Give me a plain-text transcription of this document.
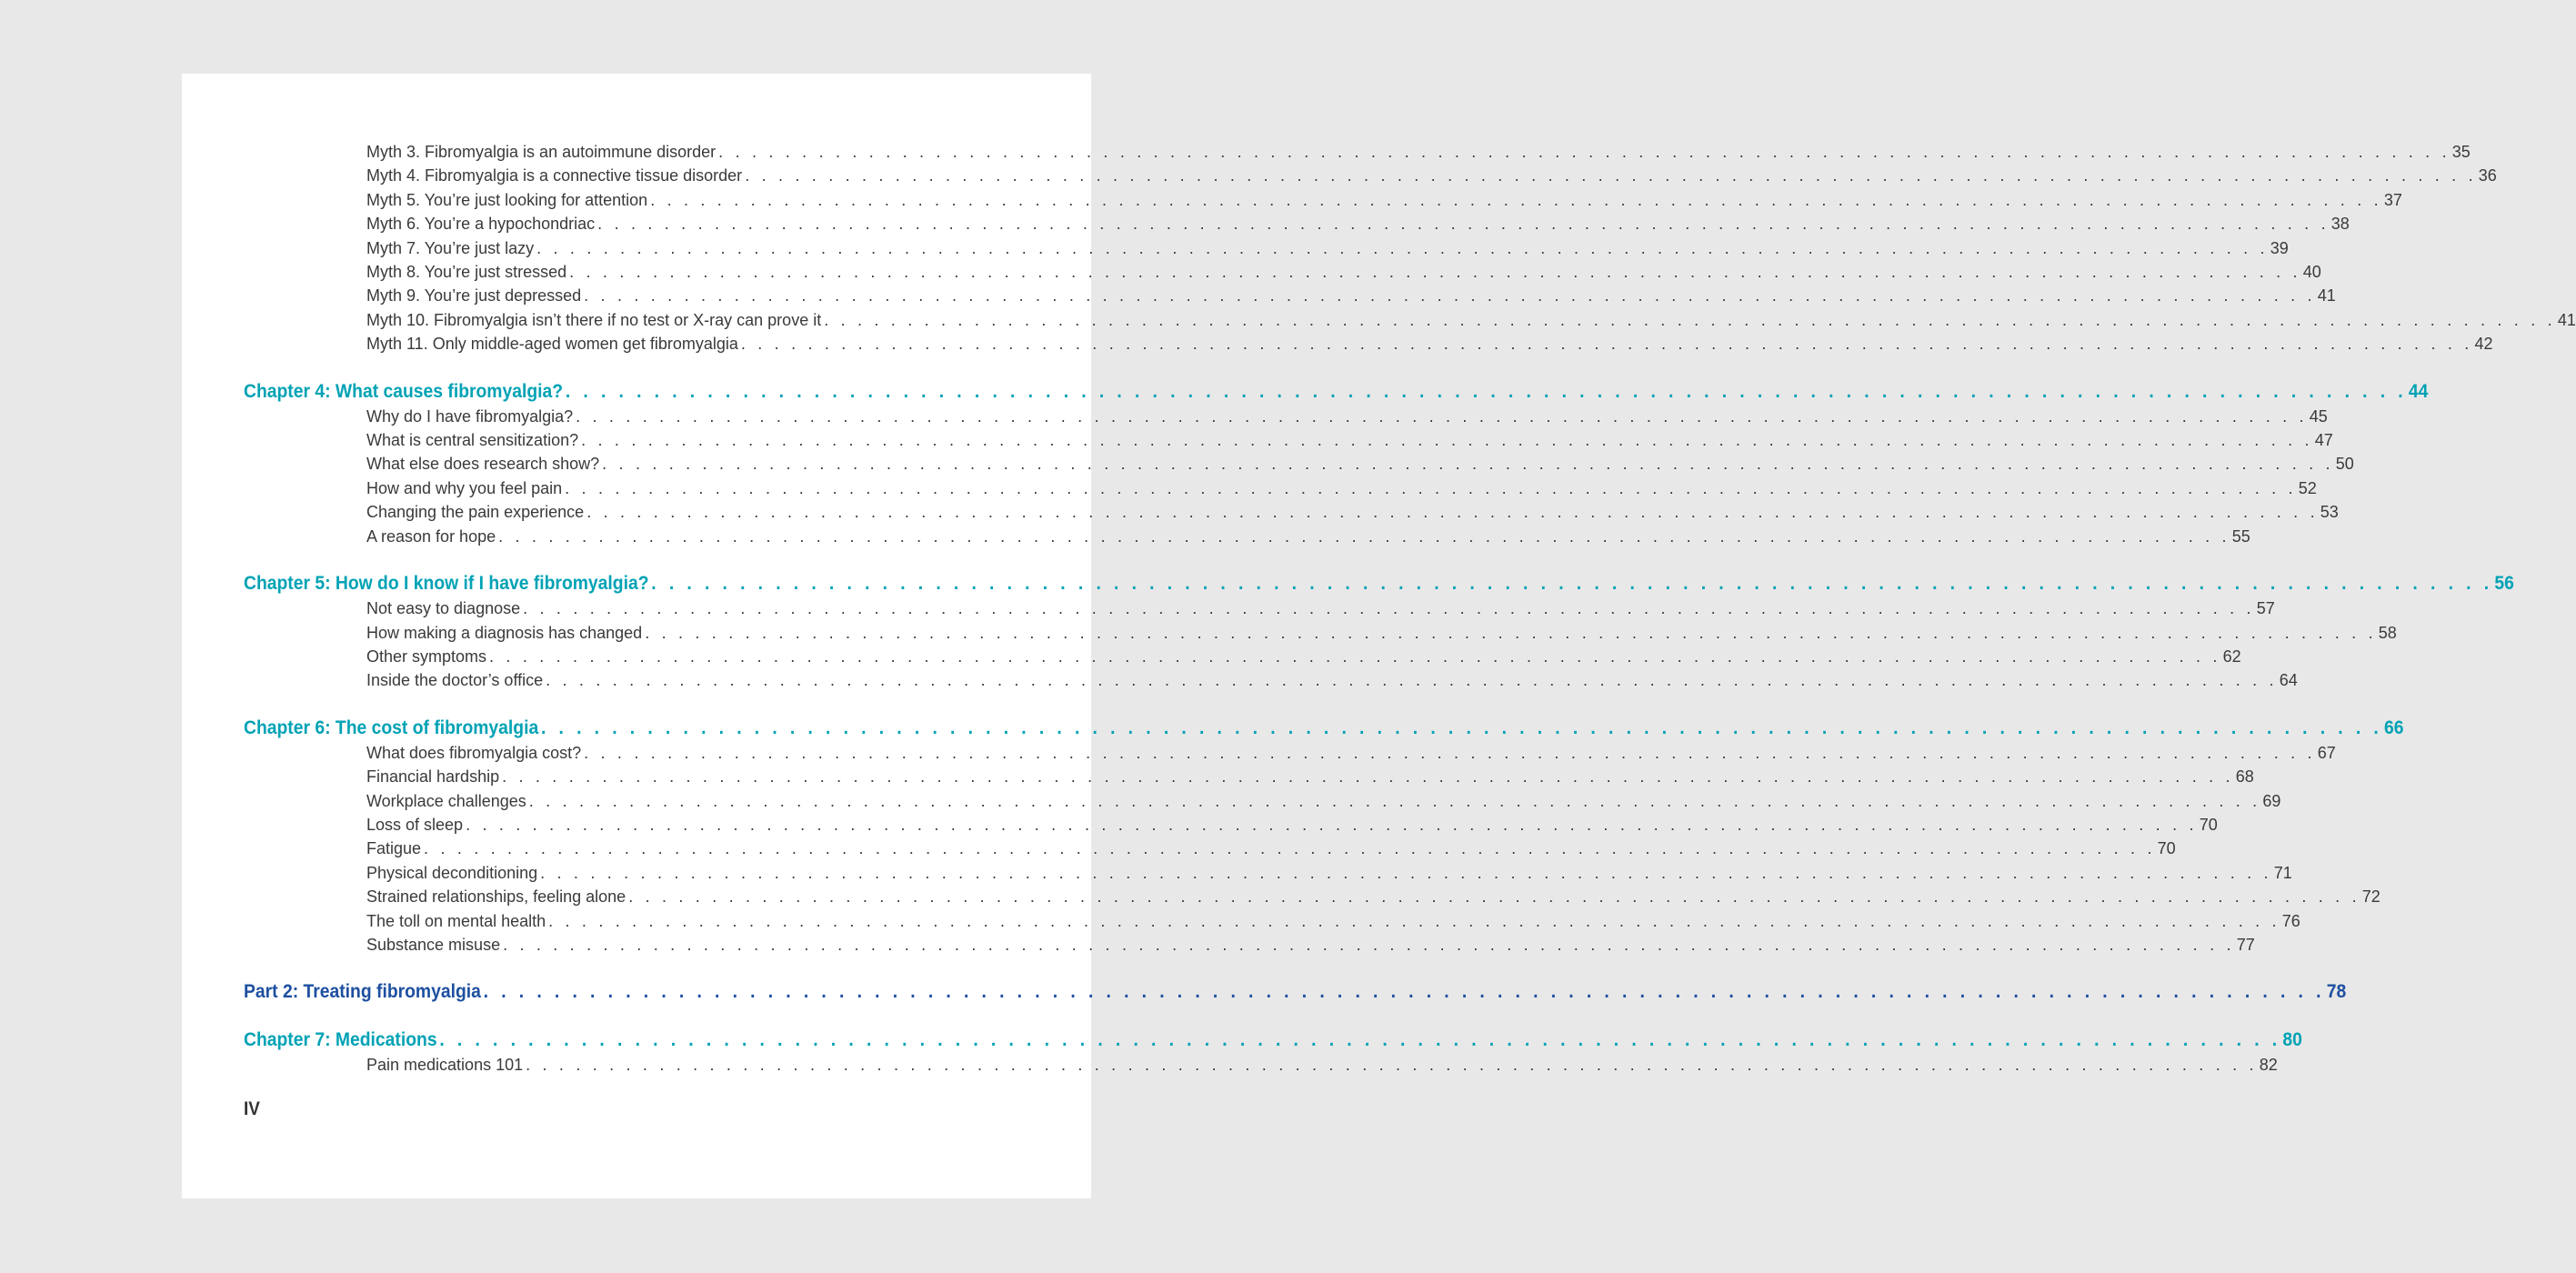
Myth 3. Fibromyalgia is an autoimmune disorder . . . . . . . . . . . . . . . . . . . . . . . . . . . . . . . . . . . . . . . . . . . . . . . . . . . . . . . . . . . . . . . . . . . . . . . . . . . . . . . . . . . . . . . . . . . . . . . . . . . . . . . . 35
Myth 4. Fibromyalgia is a connective tissue disorder . . . . . . . . . . . . . . . . . . . . . . . . . . . . . . . . . . . . . . . . . . . . . . . . . . . . . . . . . . . . . . . . . . . . . . . . . . . . . . . . . . . . . . . . . . . . . . . . . . . . . . . . 36
Myth 5. You’re just looking for attention . . . . . . . . . . . . . . . . . . . . . . . . . . . . . . . . . . . . . . . . . . . . . . . . . . . . . . . . . . . . . . . . . . . . . . . . . . . . . . . . . . . . . . . . . . . . . . . . . . . . . . . . 37
Myth 6. You’re a hypochondriac . . . . . . . . . . . . . . . . . . . . . . . . . . . . . . . . . . . . . . . . . . . . . . . . . . . . . . . . . . . . . . . . . . . . . . . . . . . . . . . . . . . . . . . . . . . . . . . . . . . . . . . . 38
Myth 7. You’re just lazy . . . . . . . . . . . . . . . . . . . . . . . . . . . . . . . . . . . . . . . . . . . . . . . . . . . . . . . . . . . . . . . . . . . . . . . . . . . . . . . . . . . . . . . . . . . . . . . . . . . . . . . . 39
Myth 8. You’re just stressed . . . . . . . . . . . . . . . . . . . . . . . . . . . . . . . . . . . . . . . . . . . . . . . . . . . . . . . . . . . . . . . . . . . . . . . . . . . . . . . . . . . . . . . . . . . . . . . . . . . . . . . . 40
Myth 9. You’re just depressed . . . . . . . . . . . . . . . . . . . . . . . . . . . . . . . . . . . . . . . . . . . . . . . . . . . . . . . . . . . . . . . . . . . . . . . . . . . . . . . . . . . . . . . . . . . . . . . . . . . . . . . . 41
Myth 10. Fibromyalgia isn’t there if no test or X-ray can prove it . . . . . . . . . . . . . . . . . . . . . . . . . . . . . . . . . . . . . . . . . . . . . . . . . . . . . . . . . . . . . . . . . . . . . . . . . . . . . . . . . . . . . . . . . . . . . . . . . . . . . . . . 41
Myth 11. Only middle-aged women get fibromyalgia . . . . . . . . . . . . . . . . . . . . . . . . . . . . . . . . . . . . . . . . . . . . . . . . . . . . . . . . . . . . . . . . . . . . . . . . . . . . . . . . . . . . . . . . . . . . . . . . . . . . . . . . 42
Chapter 4: What causes fibromyalgia? . . . . . . . . . . . . . . . . . . . . . . . . . . . . . . . . . . . . . . . . . . . . . . . . . . . . . . . . . . . . . . . . . . . . . . . . . . . . . . . . . . . . . . . . . . . . . . . . . . . . . . . . 44
Why do I have fibromyalgia? . . . . . . . . . . . . . . . . . . . . . . . . . . . . . . . . . . . . . . . . . . . . . . . . . . . . . . . . . . . . . . . . . . . . . . . . . . . . . . . . . . . . . . . . . . . . . . . . . . . . . . . . 45
What is central sensitization? . . . . . . . . . . . . . . . . . . . . . . . . . . . . . . . . . . . . . . . . . . . . . . . . . . . . . . . . . . . . . . . . . . . . . . . . . . . . . . . . . . . . . . . . . . . . . . . . . . . . . . . . 47
What else does research show? . . . . . . . . . . . . . . . . . . . . . . . . . . . . . . . . . . . . . . . . . . . . . . . . . . . . . . . . . . . . . . . . . . . . . . . . . . . . . . . . . . . . . . . . . . . . . . . . . . . . . . . . 50
How and why you feel pain . . . . . . . . . . . . . . . . . . . . . . . . . . . . . . . . . . . . . . . . . . . . . . . . . . . . . . . . . . . . . . . . . . . . . . . . . . . . . . . . . . . . . . . . . . . . . . . . . . . . . . . . 52
Changing the pain experience . . . . . . . . . . . . . . . . . . . . . . . . . . . . . . . . . . . . . . . . . . . . . . . . . . . . . . . . . . . . . . . . . . . . . . . . . . . . . . . . . . . . . . . . . . . . . . . . . . . . . . . . 53
A reason for hope . . . . . . . . . . . . . . . . . . . . . . . . . . . . . . . . . . . . . . . . . . . . . . . . . . . . . . . . . . . . . . . . . . . . . . . . . . . . . . . . . . . . . . . . . . . . . . . . . . . . . . . . 55
Chapter 5: How do I know if I have fibromyalgia? . . . . . . . . . . . . . . . . . . . . . . . . . . . . . . . . . . . . . . . . . . . . . . . . . . . . . . . . . . . . . . . . . . . . . . . . . . . . . . . . . . . . . . . . . . . . . . . . . . . . . . . . 56
Not easy to diagnose . . . . . . . . . . . . . . . . . . . . . . . . . . . . . . . . . . . . . . . . . . . . . . . . . . . . . . . . . . . . . . . . . . . . . . . . . . . . . . . . . . . . . . . . . . . . . . . . . . . . . . . . 57
How making a diagnosis has changed . . . . . . . . . . . . . . . . . . . . . . . . . . . . . . . . . . . . . . . . . . . . . . . . . . . . . . . . . . . . . . . . . . . . . . . . . . . . . . . . . . . . . . . . . . . . . . . . . . . . . . . . 58
Other symptoms . . . . . . . . . . . . . . . . . . . . . . . . . . . . . . . . . . . . . . . . . . . . . . . . . . . . . . . . . . . . . . . . . . . . . . . . . . . . . . . . . . . . . . . . . . . . . . . . . . . . . . . . 62
Inside the doctor’s office . . . . . . . . . . . . . . . . . . . . . . . . . . . . . . . . . . . . . . . . . . . . . . . . . . . . . . . . . . . . . . . . . . . . . . . . . . . . . . . . . . . . . . . . . . . . . . . . . . . . . . . . 64
Chapter 6: The cost of fibromyalgia . . . . . . . . . . . . . . . . . . . . . . . . . . . . . . . . . . . . . . . . . . . . . . . . . . . . . . . . . . . . . . . . . . . . . . . . . . . . . . . . . . . . . . . . . . . . . . . . . . . . . . . . 66
What does fibromyalgia cost? . . . . . . . . . . . . . . . . . . . . . . . . . . . . . . . . . . . . . . . . . . . . . . . . . . . . . . . . . . . . . . . . . . . . . . . . . . . . . . . . . . . . . . . . . . . . . . . . . . . . . . . . 67
Financial hardship . . . . . . . . . . . . . . . . . . . . . . . . . . . . . . . . . . . . . . . . . . . . . . . . . . . . . . . . . . . . . . . . . . . . . . . . . . . . . . . . . . . . . . . . . . . . . . . . . . . . . . . . 68
Workplace challenges . . . . . . . . . . . . . . . . . . . . . . . . . . . . . . . . . . . . . . . . . . . . . . . . . . . . . . . . . . . . . . . . . . . . . . . . . . . . . . . . . . . . . . . . . . . . . . . . . . . . . . . . 69
Loss of sleep . . . . . . . . . . . . . . . . . . . . . . . . . . . . . . . . . . . . . . . . . . . . . . . . . . . . . . . . . . . . . . . . . . . . . . . . . . . . . . . . . . . . . . . . . . . . . . . . . . . . . . . . 70
Fatigue . . . . . . . . . . . . . . . . . . . . . . . . . . . . . . . . . . . . . . . . . . . . . . . . . . . . . . . . . . . . . . . . . . . . . . . . . . . . . . . . . . . . . . . . . . . . . . . . . . . . . . . . 70
Physical deconditioning . . . . . . . . . . . . . . . . . . . . . . . . . . . . . . . . . . . . . . . . . . . . . . . . . . . . . . . . . . . . . . . . . . . . . . . . . . . . . . . . . . . . . . . . . . . . . . . . . . . . . . . . 71
Strained relationships, feeling alone . . . . . . . . . . . . . . . . . . . . . . . . . . . . . . . . . . . . . . . . . . . . . . . . . . . . . . . . . . . . . . . . . . . . . . . . . . . . . . . . . . . . . . . . . . . . . . . . . . . . . . . . 72
The toll on mental health . . . . . . . . . . . . . . . . . . . . . . . . . . . . . . . . . . . . . . . . . . . . . . . . . . . . . . . . . . . . . . . . . . . . . . . . . . . . . . . . . . . . . . . . . . . . . . . . . . . . . . . . 76
Substance misuse . . . . . . . . . . . . . . . . . . . . . . . . . . . . . . . . . . . . . . . . . . . . . . . . . . . . . . . . . . . . . . . . . . . . . . . . . . . . . . . . . . . . . . . . . . . . . . . . . . . . . . . . 77
Part 2: Treating fibromyalgia . . . . . . . . . . . . . . . . . . . . . . . . . . . . . . . . . . . . . . . . . . . . . . . . . . . . . . . . . . . . . . . . . . . . . . . . . . . . . . . . . . . . . . . . . . . . . . . . . . . . . . . . 78
Chapter 7: Medications . . . . . . . . . . . . . . . . . . . . . . . . . . . . . . . . . . . . . . . . . . . . . . . . . . . . . . . . . . . . . . . . . . . . . . . . . . . . . . . . . . . . . . . . . . . . . . . . . . . . . . . . 80
Pain medications 101 . . . . . . . . . . . . . . . . . . . . . . . . . . . . . . . . . . . . . . . . . . . . . . . . . . . . . . . . . . . . . . . . . . . . . . . . . . . . . . . . . . . . . . . . . . . . . . . . . . . . . . . . 82
IV
